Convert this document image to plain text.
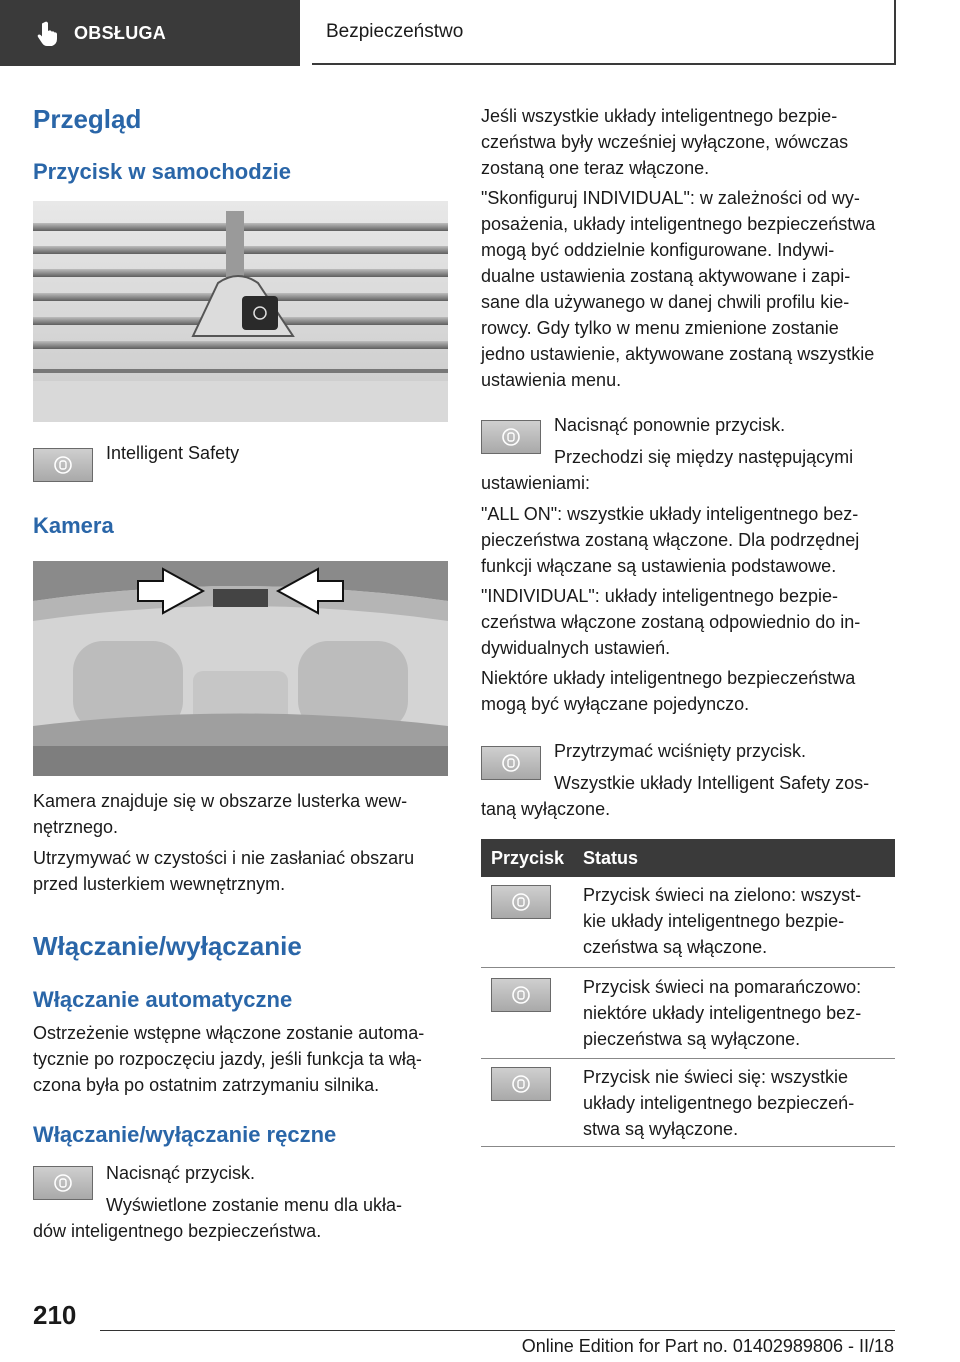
OBSŁUGA	Bezpieczeństwo
Przegląd
Przycisk w samochodzie

Intelligent Safety

Kamera

Kamera znajduje się w obszarze lusterka wew‐

nętrznego.

Utrzymywać w czystości i nie zasłaniać obszaru

przed lusterkiem wewnętrznym.

Włączanie/wyłączanie
Włączanie automatyczne

Ostrzeżenie wstępne włączone zostanie automa‐

tycznie po rozpoczęciu jazdy, jeśli funkcja ta włą‐

czona była po ostatnim zatrzymaniu silnika.

Włączanie/wyłączanie ręczne

Nacisnąć przycisk.

Wyświetlone zostanie menu dla ukła‐

dów inteligentnego bezpieczeństwa.

Jeśli wszystkie układy inteligentnego bezpie‐

czeństwa były wcześniej wyłączone, wówczas

zostaną one teraz włączone.

"Skonfiguruj INDIVIDUAL": w zależności od wy‐

posażenia, układy inteligentnego bezpieczeństwa

mogą być oddzielnie konfigurowane. Indywi‐

dualne ustawienia zostaną aktywowane i zapi‐

sane dla używanego w danej chwili profilu kie‐

rowcy. Gdy tylko w menu zmienione zostanie

jedno ustawienie, aktywowane zostaną wszystkie

ustawienia menu.

Nacisnąć ponownie przycisk.

Przechodzi się między następującymi

ustawieniami:

"ALL ON": wszystkie układy inteligentnego bez‐

pieczeństwa zostaną włączone. Dla podrzędnej

funkcji włączane są ustawienia podstawowe.

"INDIVIDUAL": układy inteligentnego bezpie‐

czeństwa włączone zostaną odpowiednio do in‐

dywidualnych ustawień.

Niektóre układy inteligentnego bezpieczeństwa

mogą być wyłączane pojedynczo.

Przytrzymać wciśnięty przycisk.

Wszystkie układy Intelligent Safety zos‐

taną wyłączone.

Przycisk Status

Przycisk świeci na zielono: wszyst‐

kie układy inteligentnego bezpie‐

czeństwa są włączone.

Przycisk świeci na pomarańczowo:

niektóre układy inteligentnego bez‐

pieczeństwa są wyłączone.

Przycisk nie świeci się: wszystkie

układy inteligentnego bezpieczeń‐

stwa są wyłączone.

210
Online Edition for Part no. 01402989806 - II/18
